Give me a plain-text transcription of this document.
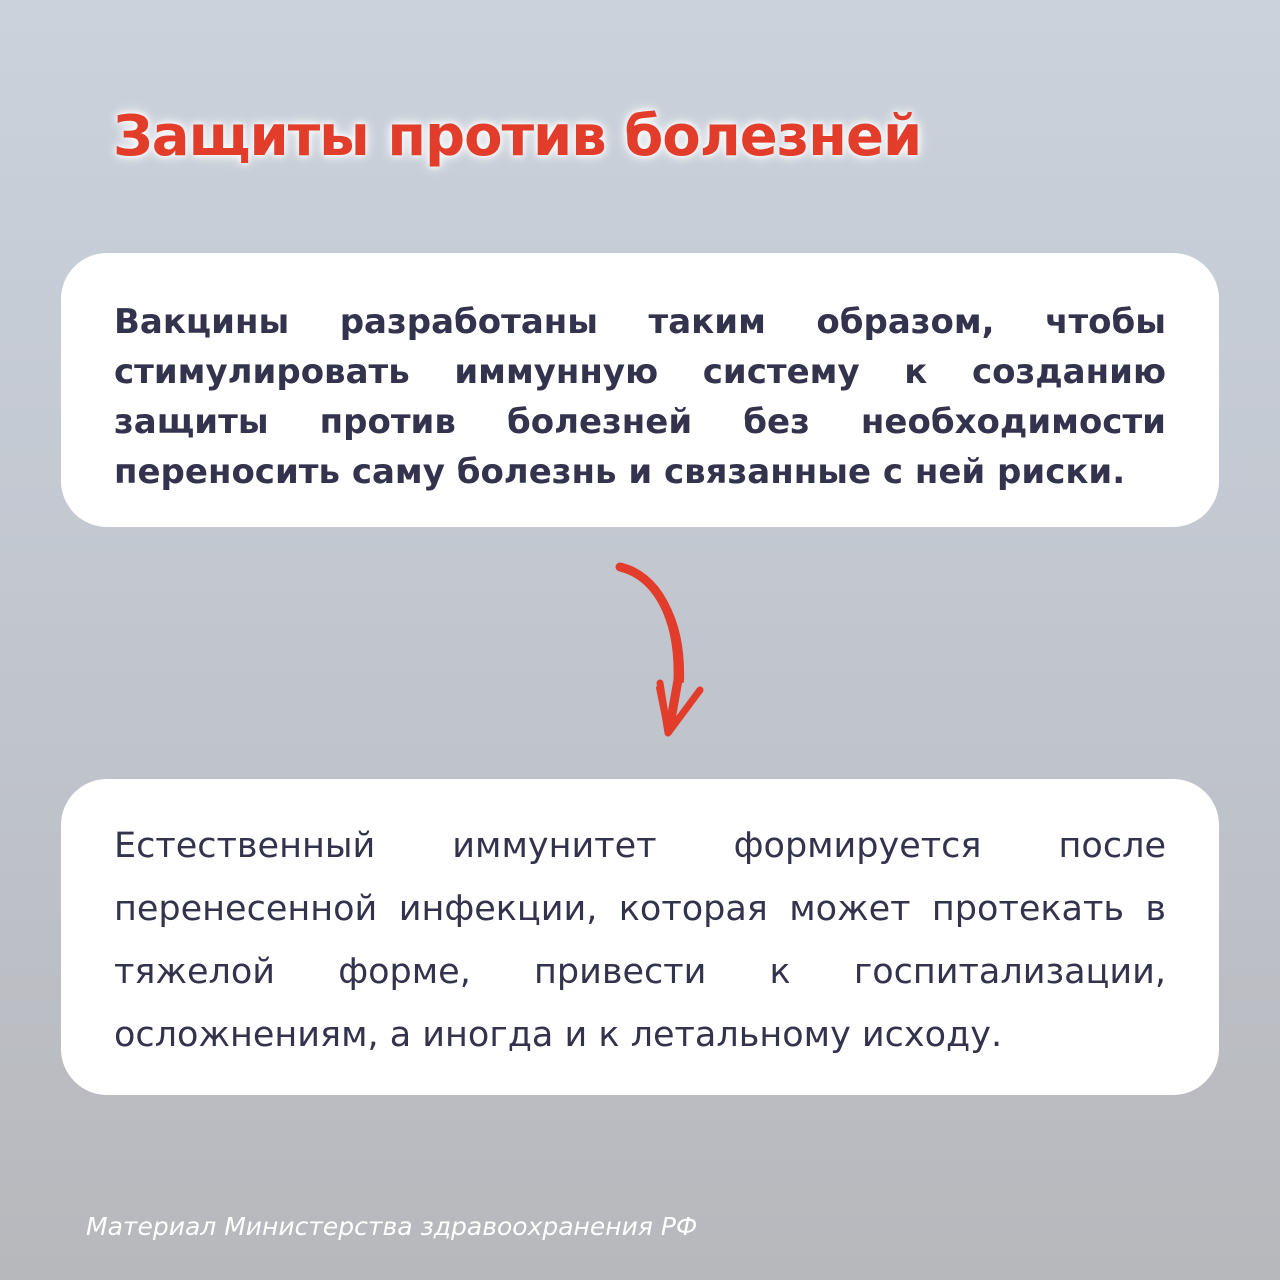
Защиты против болезней
Вакцины разработаны таким образом, чтобы стимулировать иммунную систему к созданию защиты против болезней без необходимости переносить саму болезнь и связанные с ней риски.
Естественный иммунитет формируется после перенесенной инфекции, которая может протекать в тяжелой форме, привести к госпитализации, осложнениям, а иногда и к летальному исходу.
Материал Министерства здравоохранения РФ
